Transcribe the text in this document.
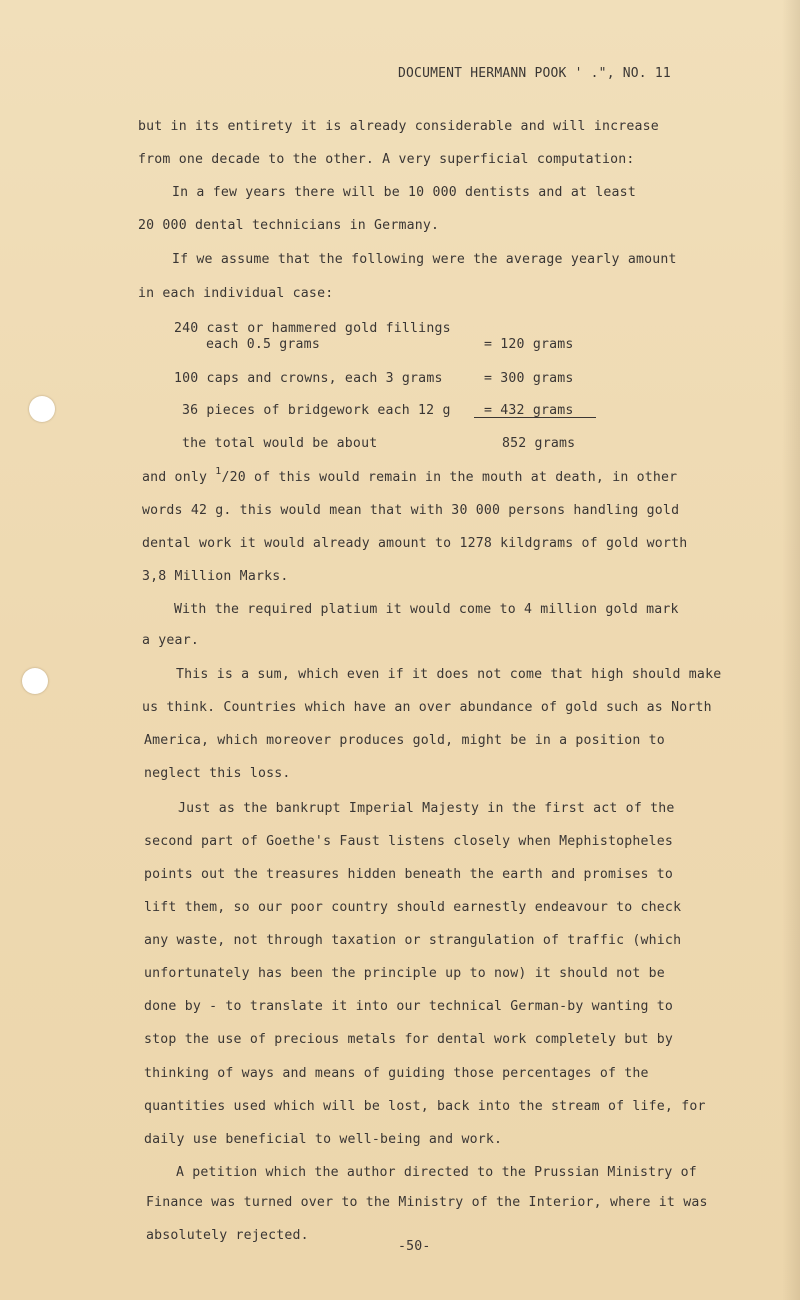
DOCUMENT HERMANN POOK ' .", NO. 11
but in its entirety it is already considerable and will increase
from one decade to the other. A very superficial computation:
In a few years there will be 10 000 dentists and at least
20 000 dental technicians in Germany.
If we assume that the following were the average yearly amount
in each individual case:
240 cast or hammered gold fillings
each 0.5 grams	= 120 grams
100 caps and crowns, each 3 grams	= 300 grams
36 pieces of bridgework each 12 g	= 432 grams
the total would be about	852 grams
and only $^1$/20 of this would remain in the mouth at death, in other
words 42 g. this would mean that with 30 000 persons handling gold
dental work it would already amount to 1278 kildgrams of gold worth
3,8 Million Marks.
With the required platium it would come to 4 million gold mark
a year.
This is a sum, which even if it does not come that high should make
us think. Countries which have an over abundance of gold such as North
America, which moreover produces gold, might be in a position to
neglect this loss.
Just as the bankrupt Imperial Majesty in the first act of the
second part of Goethe's Faust listens closely when Mephistopheles
points out the treasures hidden beneath the earth and promises to
lift them, so our poor country should earnestly endeavour to check
any waste, not through taxation or strangulation of traffic (which
unfortunately has been the principle up to now) it should not be
done by - to translate it into our technical German-by wanting to
stop the use of precious metals for dental work completely but by
thinking of ways and means of guiding those percentages of the
quantities used which will be lost, back into the stream of life, for
daily use beneficial to well-being and work.
A petition which the author directed to the Prussian Ministry of
Finance was turned over to the Ministry of the Interior, where it was
absolutely rejected.
-50-
